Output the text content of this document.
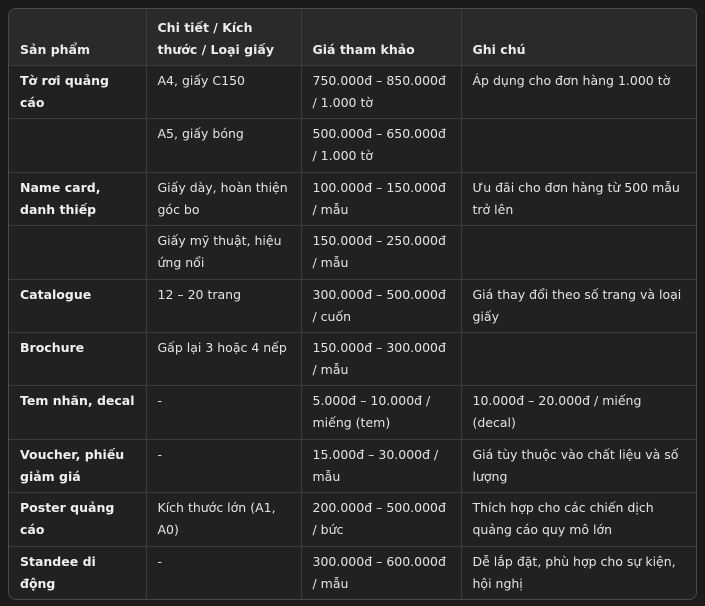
Sản phẩm	Chi tiết / Kích thước / Loại giấy	Giá tham khảo	Ghi chú
Tờ rơi quảng cáo	A4, giấy C150	750.000đ – 850.000đ / 1.000 tờ	Áp dụng cho đơn hàng 1.000 tờ
	A5, giấy bóng	500.000đ – 650.000đ / 1.000 tờ	
Name card, danh thiếp	Giấy dày, hoàn thiện góc bo	100.000đ – 150.000đ / mẫu	Ưu đãi cho đơn hàng từ 500 mẫu trở lên
	Giấy mỹ thuật, hiệu ứng nổi	150.000đ – 250.000đ / mẫu	
Catalogue	12 – 20 trang	300.000đ – 500.000đ / cuốn	Giá thay đổi theo số trang và loại giấy
Brochure	Gấp lại 3 hoặc 4 nếp	150.000đ – 300.000đ / mẫu	
Tem nhãn, decal	-	5.000đ – 10.000đ / miếng (tem)	10.000đ – 20.000đ / miếng (decal)
Voucher, phiếu giảm giá	-	15.000đ – 30.000đ / mẫu	Giá tùy thuộc vào chất liệu và số lượng
Poster quảng cáo	Kích thước lớn (A1, A0)	200.000đ – 500.000đ / bức	Thích hợp cho các chiến dịch quảng cáo quy mô lớn
Standee di động	-	300.000đ – 600.000đ / mẫu	Dễ lắp đặt, phù hợp cho sự kiện, hội nghị
